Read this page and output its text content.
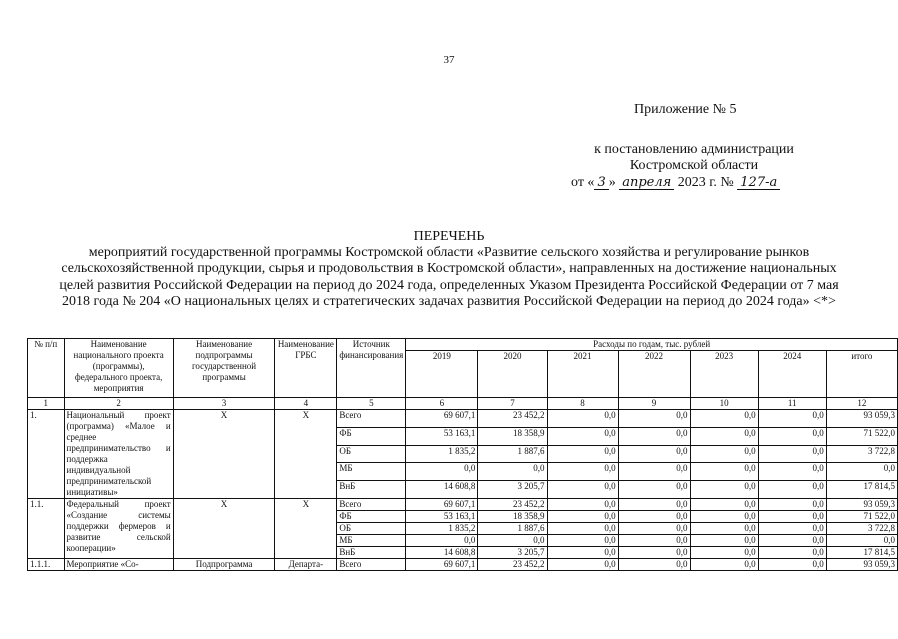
37
Приложение № 5
к постановлению администрации
Костромской области
от « 3 » апреля 2023 г. № 127-а
ПЕРЕЧЕНЬ
мероприятий государственной программы Костромской области «Развитие сельского хозяйства и регулирование рынков сельскохозяйственной продукции, сырья и продовольствия в Костромской области», направленных на достижение национальных целей развития Российской Федерации на период до 2024 года, определенных Указом Президента Российской Федерации от 7 мая 2018 года № 204 «О национальных целях и стратегических задачах развития Российской Федерации на период до 2024 года» <*>
№ п/п	Наименование национального проекта (программы), федерального проекта, мероприятия	Наименование подпрограммы государственной программы	Наименование ГРБС	Источник финансирования	Расходы по годам, тыс. рублей						
					2019	2020	2021	2022	2023	2024	итого
1	2	3	4	5	6	7	8	9	10	11	12
1.	Национальный проект (программа) «Малое и среднее предпринимательство и поддержка индивидуальной предпринимательской инициативы»	Х	Х	Всего	69 607,1	23 452,2	0,0	0,0	0,0	0,0	93 059,3
				ФБ	53 163,1	18 358,9	0,0	0,0	0,0	0,0	71 522,0
				ОБ	1 835,2	1 887,6	0,0	0,0	0,0	0,0	3 722,8
				МБ	0,0	0,0	0,0	0,0	0,0	0,0	0,0
				ВнБ	14 608,8	3 205,7	0,0	0,0	0,0	0,0	17 814,5
1.1.	Федеральный проект «Создание системы поддержки фермеров и развитие сельской кооперации»	Х	Х	Всего	69 607,1	23 452,2	0,0	0,0	0,0	0,0	93 059,3
				ФБ	53 163,1	18 358,9	0,0	0,0	0,0	0,0	71 522,0
				ОБ	1 835,2	1 887,6	0,0	0,0	0,0	0,0	3 722,8
				МБ	0,0	0,0	0,0	0,0	0,0	0,0	0,0
				ВнБ	14 608,8	3 205,7	0,0	0,0	0,0	0,0	17 814,5
1.1.1.	Мероприятие «Со-	Подпрограмма	Департа-	Всего	69 607,1	23 452,2	0,0	0,0	0,0	0,0	93 059,3
